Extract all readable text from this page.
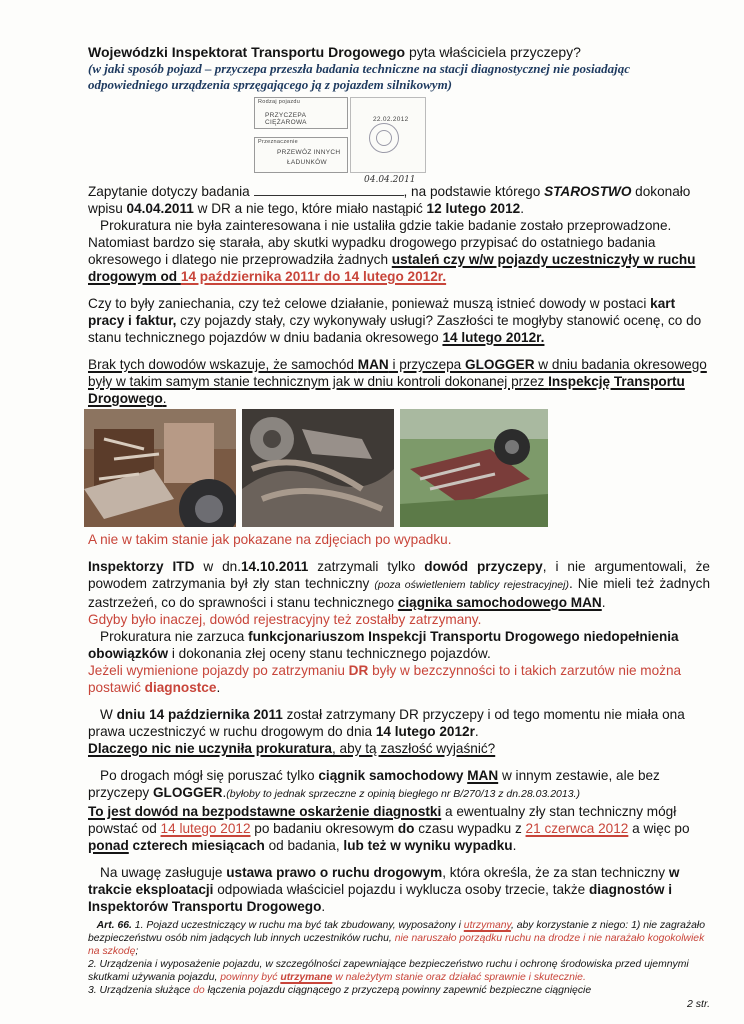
Wojewódzki Inspektorat Transportu Drogowego pyta właściciela przyczepy?

(w jaki sposób pojazd – przyczepa przeszła badania techniczne na stacji diagnostycznej nie posiadając odpowiedniego urządzenia sprzęgającego ją z pojazdem silnikowym)

Rodzaj pojazdu
PRZYCZEPA CIĘŻAROWA
Przeznaczenie
PRZEWÓZ INNYCH
ŁADUNKÓW
22.02.2012
04.04.2011

Zapytanie dotyczy badania	, na podstawie którego STAROSTWO dokonało wpisu 04.04.2011 w DR a nie tego, które miało nastąpić 12 lutego 2012.

Prokuratura nie była zainteresowana i nie ustaliła gdzie takie badanie zostało przeprowadzone. Natomiast bardzo się starała, aby skutki wypadku drogowego przypisać do ostatniego badania okresowego i dlatego nie przeprowadziła żadnych ustaleń czy w/w pojazdy uczestniczyły w ruchu drogowym od 14 października 2011r do 14 lutego 2012r.

Czy to były zaniechania, czy też celowe działanie, ponieważ muszą istnieć dowody w postaci kart pracy i faktur, czy pojazdy stały, czy wykonywały usługi? Zaszłości te mogłyby stanowić ocenę, co do stanu technicznego pojazdów w dniu badania okresowego 14 lutego 2012r.

Brak tych dowodów wskazuje, że samochód MAN i przyczepa GLOGGER w dniu badania okresowego były w takim samym stanie technicznym jak w dniu kontroli dokonanej przez Inspekcję Transportu Drogowego.

A nie w takim stanie jak pokazane na zdjęciach po wypadku.

Inspektorzy ITD w dn.14.10.2011 zatrzymali tylko dowód przyczepy, i nie argumentowali, że powodem zatrzymania był zły stan techniczny (poza oświetleniem tablicy rejestracyjnej). Nie mieli też żadnych zastrzeżeń, co do sprawności i stanu technicznego ciągnika samochodowego MAN.
Gdyby było inaczej, dowód rejestracyjny też zostałby zatrzymany.

Prokuratura nie zarzuca funkcjonariuszom Inspekcji Transportu Drogowego niedopełnienia obowiązków i dokonania złej oceny stanu technicznego pojazdów.
Jeżeli wymienione pojazdy po zatrzymaniu DR były w bezczynności to i takich zarzutów nie można postawić diagnostce.

W dniu 14 października 2011 został zatrzymany DR przyczepy i od tego momentu nie miała ona prawa uczestniczyć w ruchu drogowym do dnia 14 lutego 2012r.
Dlaczego nic nie uczyniła prokuratura, aby tą zaszłość wyjaśnić?

Po drogach mógł się poruszać tylko ciągnik samochodowy MAN w innym zestawie, ale bez przyczepy GLOGGER.(byłoby to jednak sprzeczne z opinią biegłego nr B/270/13 z dn.28.03.2013.)
To jest dowód na bezpodstawne oskarżenie diagnostki a ewentualny zły stan techniczny mógł powstać od 14 lutego 2012 po badaniu okresowym do czasu wypadku z 21 czerwca 2012 a więc po ponad czterech miesiącach od badania, lub też w wyniku wypadku.

Na uwagę zasługuje ustawa prawo o ruchu drogowym, która określa, że za stan techniczny w trakcie eksploatacji odpowiada właściciel pojazdu i wyklucza osoby trzecie, także diagnostów i Inspektorów Transportu Drogowego.

Art. 66. 1. Pojazd uczestniczący w ruchu ma być tak zbudowany, wyposażony i utrzymany, aby korzystanie z niego: 1) nie zagrażało bezpieczeństwu osób nim jadących lub innych uczestników ruchu, nie naruszało porządku ruchu na drodze i nie narażało kogokolwiek na szkodę;
2. Urządzenia i wyposażenie pojazdu, w szczególności zapewniające bezpieczeństwo ruchu i ochronę środowiska przed ujemnymi skutkami używania pojazdu, powinny być utrzymane w należytym stanie oraz działać sprawnie i skutecznie.
3. Urządzenia służące do łączenia pojazdu ciągnącego z przyczepą powinny zapewnić bezpieczne ciągnięcie
2 str.
